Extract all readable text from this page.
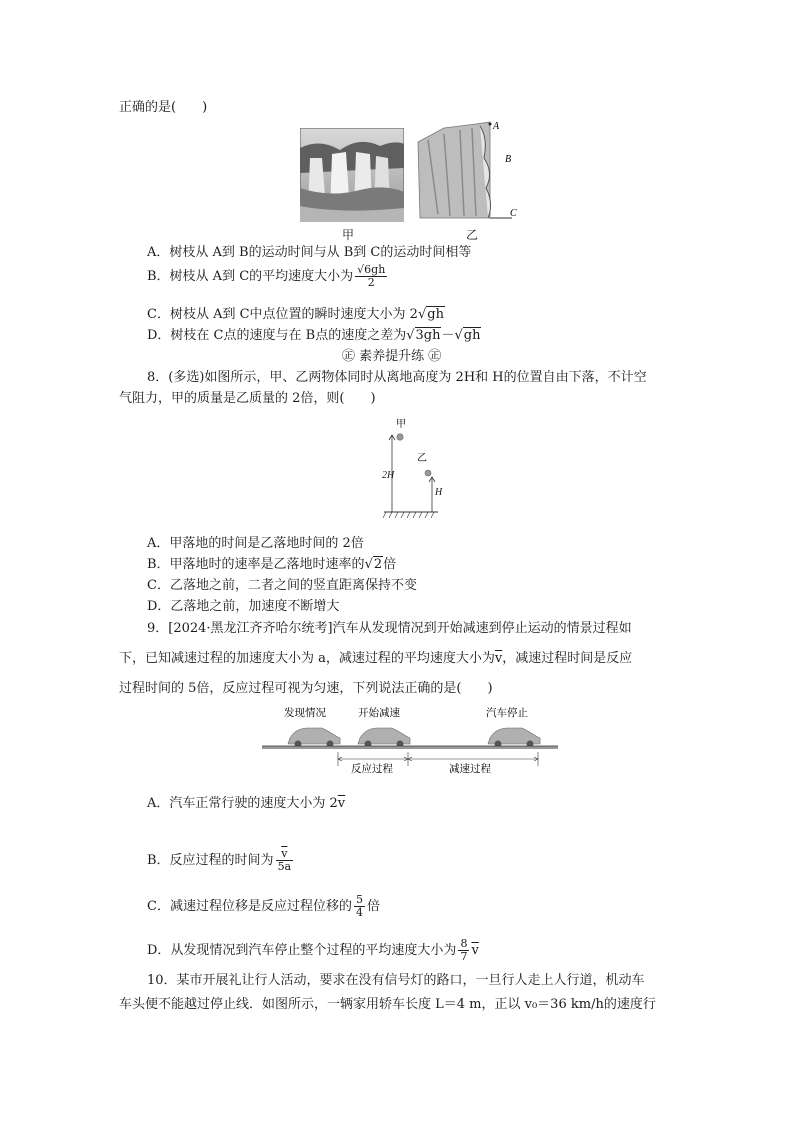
正确的是(　　)
甲
A
B
C
乙
A．树枝从 A到 B的运动时间与从 B到 C的运动时间相等
B．树枝从 A到 C的平均速度大小为 $\frac{√6gh}{2}$
C．树枝从 A到 C中点位置的瞬时速度大小为 2√gh
D．树枝在 C点的速度与在 B点的速度之差为√3gh－√gh
㊣ 素养提升练 ㊣
8．(多选)如图所示，甲、乙两物体同时从离地高度为 2H和 H的位置自由下落，不计空
气阻力，甲的质量是乙质量的 2倍，则(　　)
甲
乙
2H
H
A．甲落地的时间是乙落地时间的 2倍
B．甲落地时的速率是乙落地时速率的√2倍
C．乙落地之前，二者之间的竖直距离保持不变
D．乙落地之前，加速度不断增大
9．[2024·黑龙江齐齐哈尔统考]汽车从发现情况到开始减速到停止运动的情景过程如
下，已知减速过程的加速度大小为 a，减速过程的平均速度大小为$\overline{v}$，减速过程时间是反应
过程时间的 5倍，反应过程可视为匀速，下列说法正确的是(　　)
发现情况	开始减速	汽车停止
反应过程	减速过程
A．汽车正常行驶的速度大小为 $2\overline{v}$
B．反应过程的时间为 $\frac{\overline{v}}{5a}$
C．减速过程位移是反应过程位移的 $\frac{5}{4}$ 倍
D．从发现情况到汽车停止整个过程的平均速度大小为 $\frac{8}{7} \overline{v}$
10．某市开展礼让行人活动，要求在没有信号灯的路口，一旦行人走上人行道，机动车
车头便不能越过停止线．如图所示，一辆家用轿车长度 L＝4 m，正以 v₀＝36 km/h的速度行
